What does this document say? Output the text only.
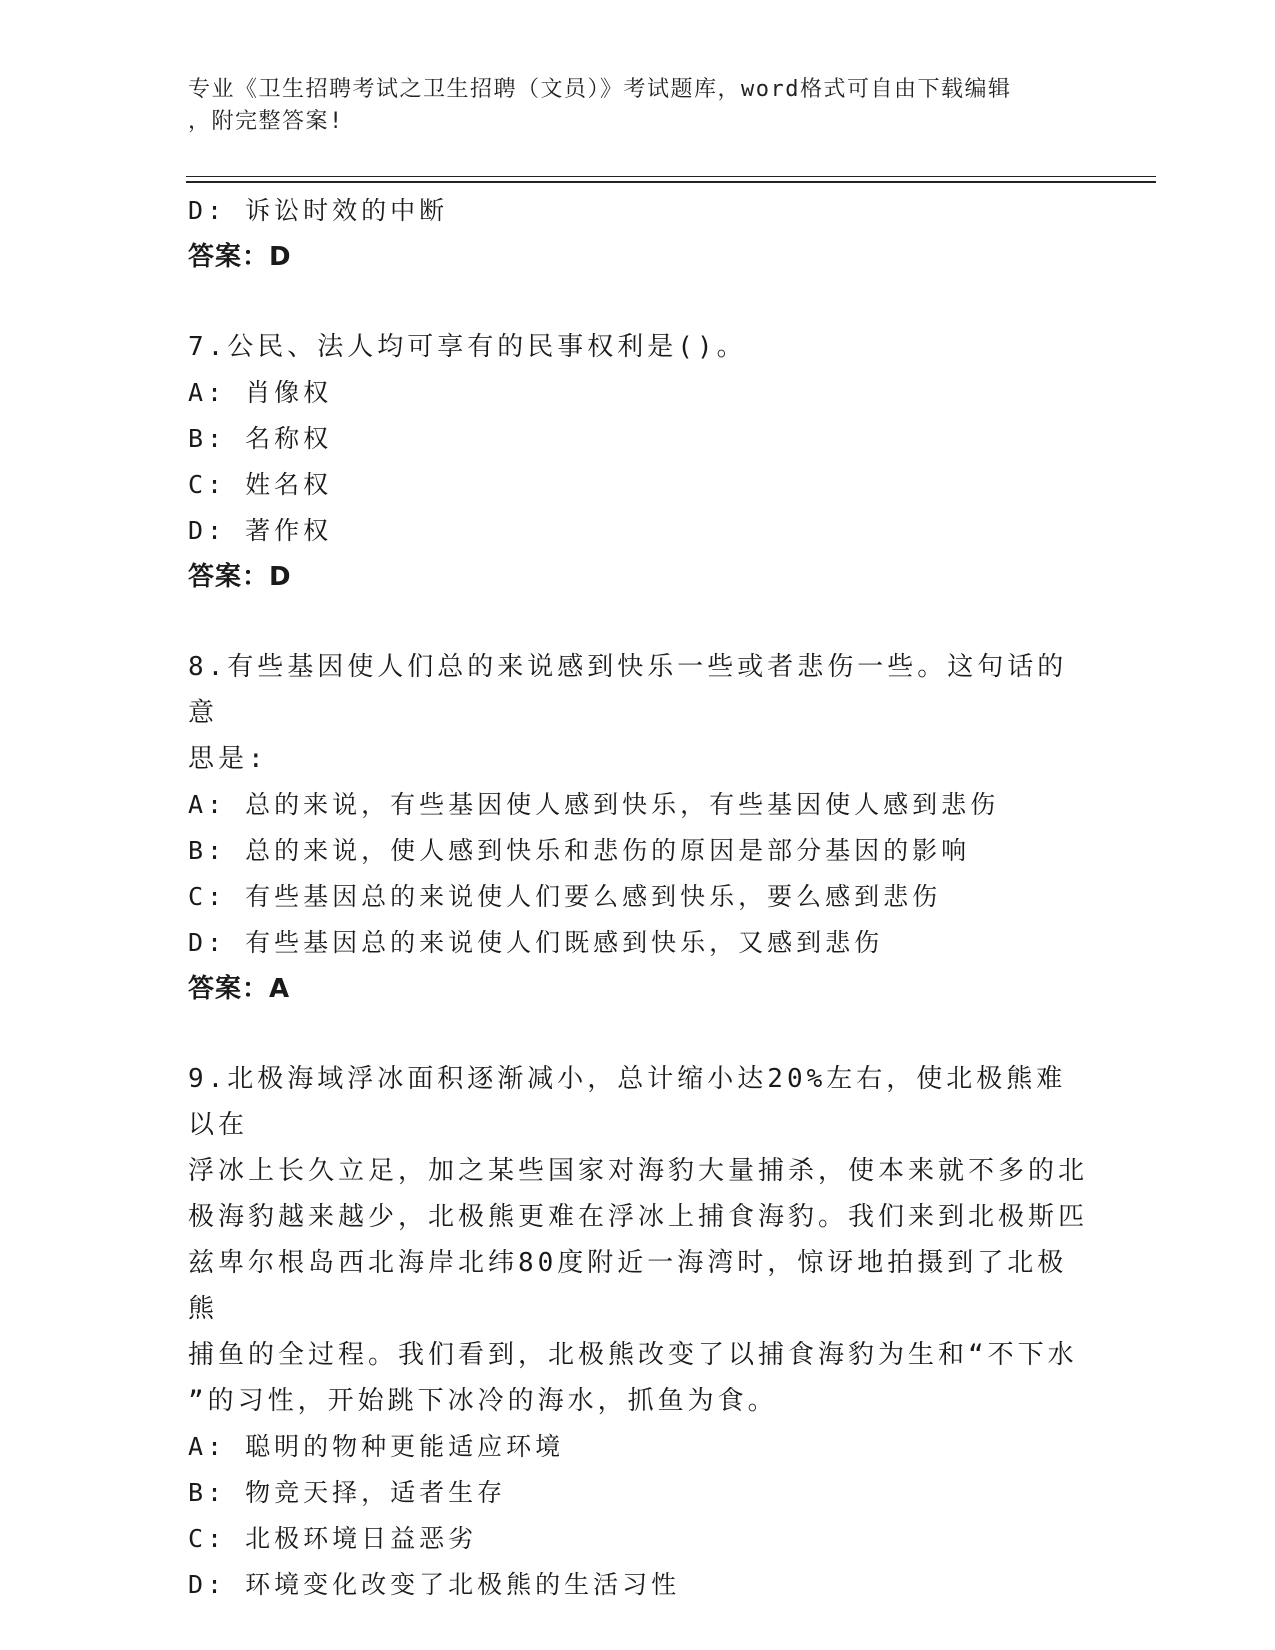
专业《卫生招聘考试之卫生招聘（文员）》考试题库，word格式可自由下载编辑
，附完整答案!
D: 诉讼时效的中断
答案：D
7.公民、法人均可享有的民事权利是()。
A: 肖像权
B: 名称权
C: 姓名权
D: 著作权
答案：D
8.有些基因使人们总的来说感到快乐一些或者悲伤一些。这句话的意
思是:
A: 总的来说，有些基因使人感到快乐，有些基因使人感到悲伤
B: 总的来说，使人感到快乐和悲伤的原因是部分基因的影响
C: 有些基因总的来说使人们要么感到快乐，要么感到悲伤
D: 有些基因总的来说使人们既感到快乐，又感到悲伤
答案：A
9.北极海域浮冰面积逐渐减小，总计缩小达20%左右，使北极熊难以在
浮冰上长久立足，加之某些国家对海豹大量捕杀，使本来就不多的北
极海豹越来越少，北极熊更难在浮冰上捕食海豹。我们来到北极斯匹
兹卑尔根岛西北海岸北纬80度附近一海湾时，惊讶地拍摄到了北极熊
捕鱼的全过程。我们看到，北极熊改变了以捕食海豹为生和“不下水
”的习性，开始跳下冰冷的海水，抓鱼为食。
A: 聪明的物种更能适应环境
B: 物竞天择，适者生存
C: 北极环境日益恶劣
D: 环境变化改变了北极熊的生活习性
